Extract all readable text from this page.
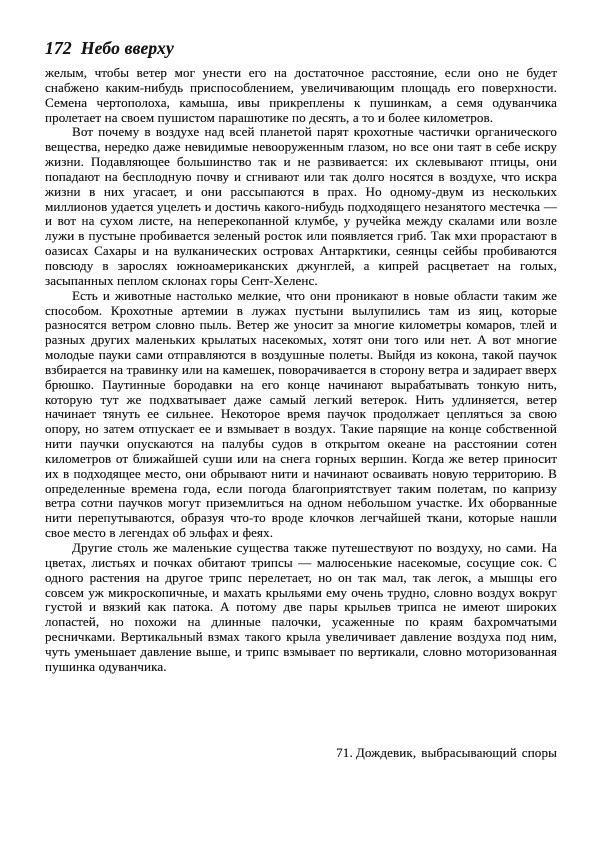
172 Небо вверху

желым, чтобы ветер мог унести его на достаточное расстояние, если оно не будет снабжено каким-нибудь приспособлением, увеличивающим площадь его поверхности. Семена чертополоха, камыша, ивы прикреплены к пушинкам, а семя одуванчика пролетает на своем пушистом парашютике по десять, а то и более километров.

Вот почему в воздухе над всей планетой парят крохотные частички органического вещества, нередко даже невидимые невооруженным глазом, но все они таят в себе искру жизни. Подавляющее большинство так и не развивается: их склевывают птицы, они попадают на бесплодную почву и сгнивают или так долго носятся в воздухе, что искра жизни в них угасает, и они рассыпаются в прах. Но одному-двум из нескольких миллионов удается уцелеть и достичь какого-нибудь подходящего незанятого местечка — и вот на сухом листе, на неперекопанной клумбе, у ручейка между скалами или возле лужи в пустыне пробивается зеленый росток или появляется гриб. Так мхи прорастают в оазисах Сахары и на вулканических островах Антарктики, сеянцы сейбы пробиваются повсюду в зарослях южноамериканских джунглей, а кипрей расцветает на голых, засыпанных пеплом склонах горы Сент-Хеленс.

Есть и животные настолько мелкие, что они проникают в новые области таким же способом. Крохотные артемии в лужах пустыни вылупились там из яиц, которые разносятся ветром словно пыль. Ветер же уносит за многие километры комаров, тлей и разных других маленьких крылатых насекомых, хотят они того или нет. А вот многие молодые пауки сами отправляются в воздушные полеты. Выйдя из кокона, такой паучок взбирается на травинку или на камешек, поворачивается в сторону ветра и задирает вверх брюшко. Паутинные бородавки на его конце начинают вырабатывать тонкую нить, которую тут же подхватывает даже самый легкий ветерок. Нить удлиняется, ветер начинает тянуть ее сильнее. Некоторое время паучок продолжает цепляться за свою опору, но затем отпускает ее и взмывает в воздух. Такие парящие на конце собственной нити паучки опускаются на палубы судов в открытом океане на расстоянии сотен километров от ближайшей суши или на снега горных вершин. Когда же ветер приносит их в подходящее место, они обрывают нити и начинают осваивать новую территорию. В определенные времена года, если погода благоприятствует таким полетам, по капризу ветра сотни паучков могут приземлиться на одном небольшом участке. Их оборванные нити перепутываются, образуя что-то вроде клочков легчайшей ткани, которые нашли свое место в легендах об эльфах и феях.

Другие столь же маленькие существа также путешествуют по воздуху, но сами. На цветах, листьях и почках обитают трипсы — малюсенькие насекомые, сосущие сок. С одного растения на другое трипс перелетает, но он так мал, так легок, а мышцы его совсем уж микроскопичные, и махать крыльями ему очень трудно, словно воздух вокруг густой и вязкий как патока. А потому две пары крыльев трипса не имеют широких лопастей, но похожи на длинные палочки, усаженные по краям бахромчатыми ресничками. Вертикальный взмах такого крыла увеличивает давление воздуха под ним, чуть уменьшает давление выше, и трипс взмывает по вертикали, словно моторизованная пушинка одуванчика.

71. Дождевик, выбрасывающий споры
